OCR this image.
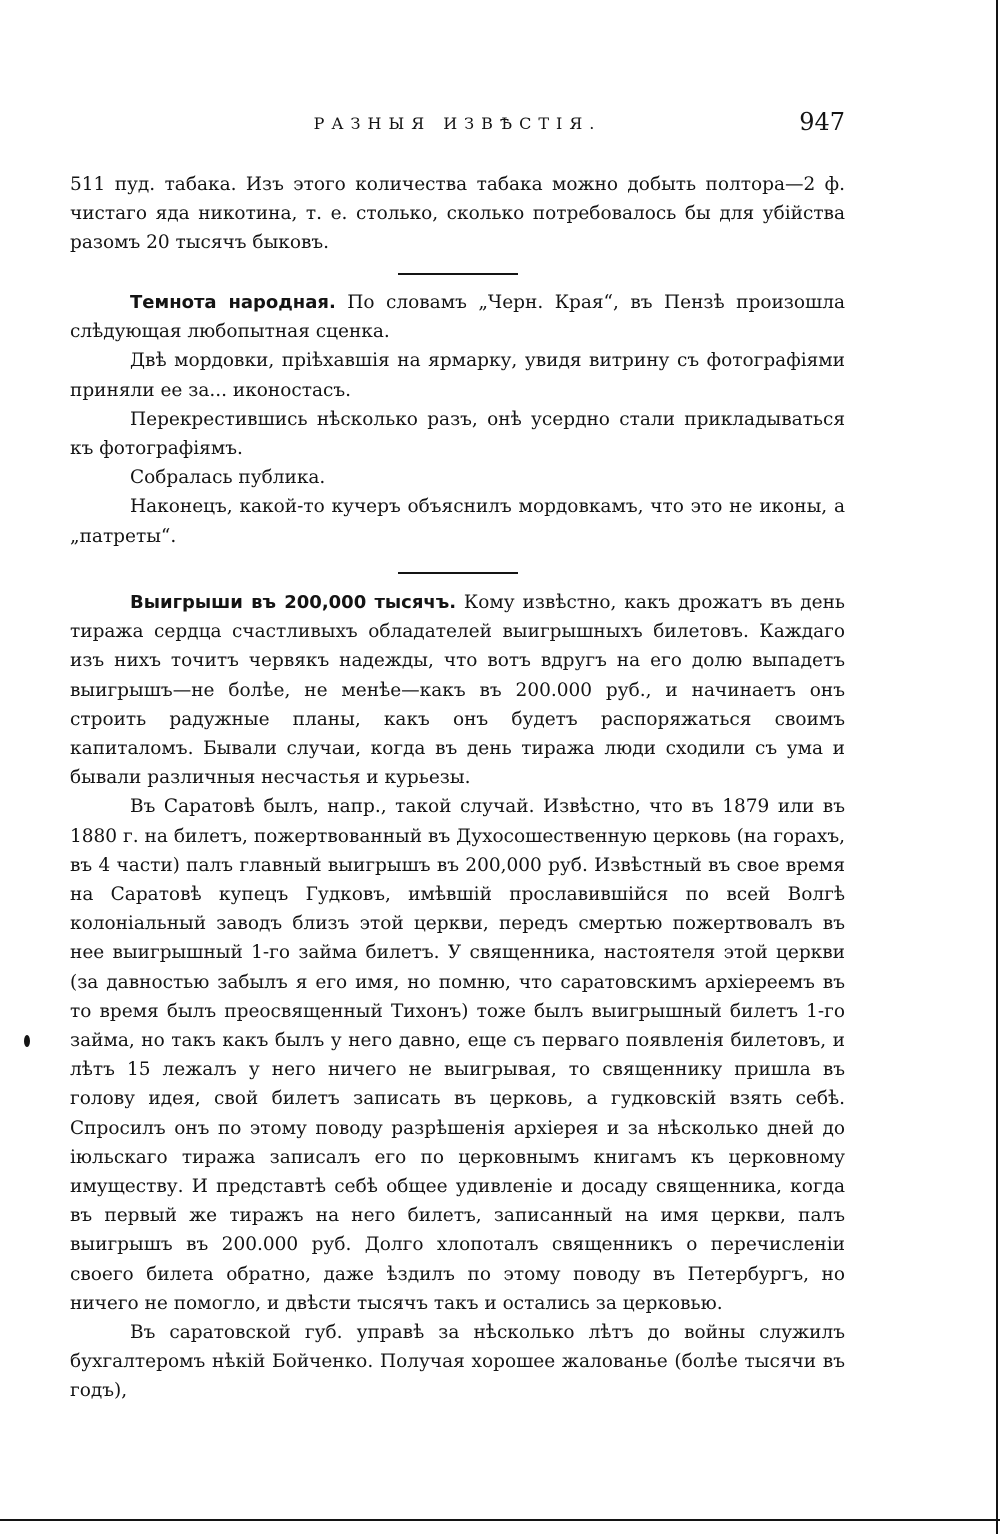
РАЗНЫЯ ИЗВѢСТІЯ.	947

511 пуд. табака. Изъ этого количества табака можно добыть полтора—2 ф. чистаго яда никотина, т. е. столько, сколько потребовалось бы для убійства разомъ 20 тысячъ быковъ.

Темнота народная. По словамъ „Черн. Края“, въ Пензѣ произошла слѣдующая любопытная сценка.

Двѣ мордовки, пріѣхавшія на ярмарку, увидя витрину съ фотографіями приняли ее за... иконостасъ.

Перекрестившись нѣсколько разъ, онѣ усердно стали прикладываться къ фотографіямъ.

Собралась публика.

Наконецъ, какой-то кучеръ объяснилъ мордовкамъ, что это не иконы, а „патреты“.

Выигрыши въ 200,000 тысячъ. Кому извѣстно, какъ дрожатъ въ день тиража сердца счастливыхъ обладателей выигрышныхъ билетовъ. Каждаго изъ нихъ точитъ червякъ надежды, что вотъ вдругъ на его долю выпадетъ выигрышъ—не болѣе, не менѣе—какъ въ 200.000 руб., и начинаетъ онъ строить радужные планы, какъ онъ будетъ распоряжаться своимъ капиталомъ. Бывали случаи, когда въ день тиража люди сходили съ ума и бывали различныя несчастья и курьезы.

Въ Саратовѣ былъ, напр., такой случай. Извѣстно, что въ 1879 или въ 1880 г. на билетъ, пожертвованный въ Духосошественную церковь (на горахъ, въ 4 части) палъ главный выигрышъ въ 200,000 руб. Извѣстный въ свое время на Саратовѣ купецъ Гудковъ, имѣвшій прославившійся по всей Волгѣ колоніальный заводъ близъ этой церкви, передъ смертью пожертвовалъ въ нее выигрышный 1-го займа билетъ. У священника, настоятеля этой церкви (за давностью забылъ я его имя, но помню, что саратовскимъ архіереемъ въ то время былъ преосвященный Тихонъ) тоже былъ выигрышный билетъ 1-го займа, но такъ какъ былъ у него давно, еще съ перваго появленія билетовъ, и лѣтъ 15 лежалъ у него ничего не выигрывая, то священнику пришла въ голову идея, свой билетъ записать въ церковь, а гудковскій взять себѣ. Спросилъ онъ по этому поводу разрѣшенія архіерея и за нѣсколько дней до іюльскаго тиража записалъ его по церковнымъ книгамъ къ церковному имуществу. И представтѣ себѣ общее удивленіе и досаду священника, когда въ первый же тиражъ на него билетъ, записанный на имя церкви, палъ выигрышъ въ 200.000 руб. Долго хлопоталъ священникъ о перечисленіи своего билета обратно, даже ѣздилъ по этому поводу въ Петербургъ, но ничего не помогло, и двѣсти тысячъ такъ и остались за церковью.

Въ саратовской губ. управѣ за нѣсколько лѣтъ до войны служилъ бухгалтеромъ нѣкій Бойченко. Получая хорошее жалованье (болѣе тысячи въ годъ),
